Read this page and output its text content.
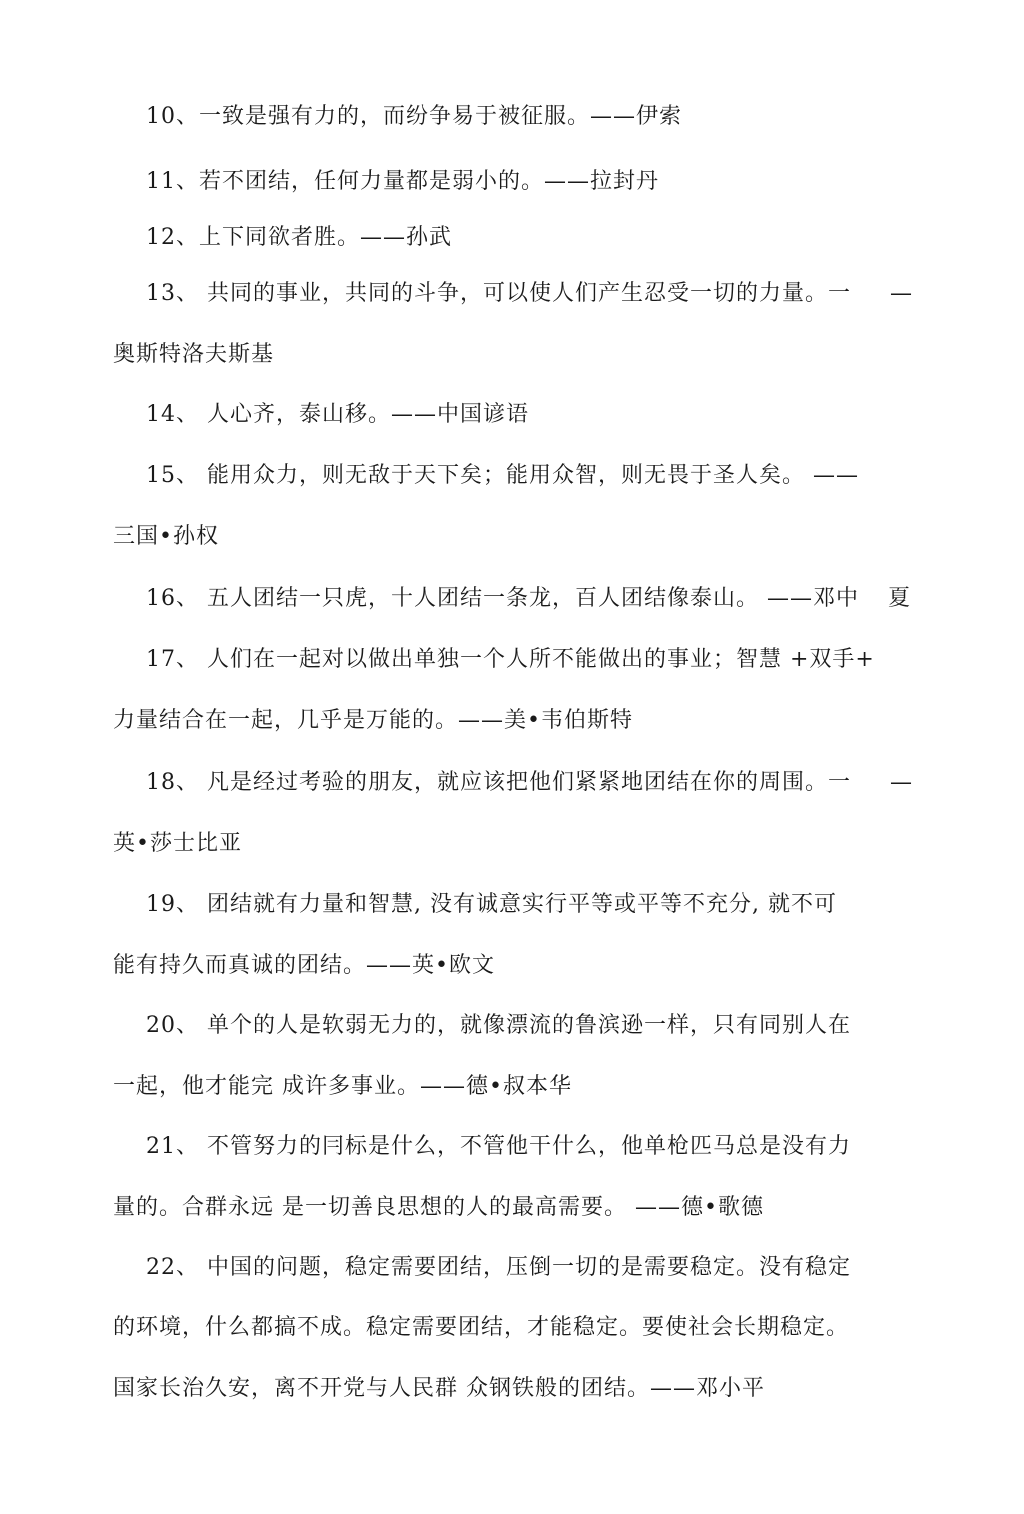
10、一致是强有力的，而纷争易于被征服。——伊索
11、若不团结，任何力量都是弱小的。——拉封丹
12、上下同欲者胜。——孙武
13、 共同的事业，共同的斗争，可以使人们产生忍受一切的力量。一 —
奥斯特洛夫斯基
14、 人心齐，泰山移。——中国谚语
15、 能用众力，则无敌于天下矣；能用众智，则无畏于圣人矣。 ——
三国•孙权
16、 五人团结一只虎，十人团结一条龙，百人团结像泰山。 ——邓中 夏
17、 人们在一起对以做出单独一个人所不能做出的事业；智慧 +双手+
力量结合在一起，几乎是万能的。——美•韦伯斯特
18、 凡是经过考验的朋友，就应该把他们紧紧地团结在你的周围。一 —
英•莎士比亚
19、 团结就有力量和智慧, 没有诚意实行平等或平等不充分, 就不可
能有持久而真诚的团结。——英•欧文
20、 单个的人是软弱无力的，就像漂流的鲁滨逊一样，只有同别人在
一起，他才能完 成许多事业。——德•叔本华
21、 不管努力的冃标是什么，不管他干什么，他单枪匹马总是没有力
量的。合群永远 是一切善良思想的人的最高需要。 ——德•歌德
22、 中国的问题，稳定需要团结，压倒一切的是需要稳定。没有稳定
的环境，什么都搞不成。稳定需要团结，才能稳定。要使社会长期稳定。
国家长治久安，离不开党与人民群 众钢铁般的团结。——邓小平
